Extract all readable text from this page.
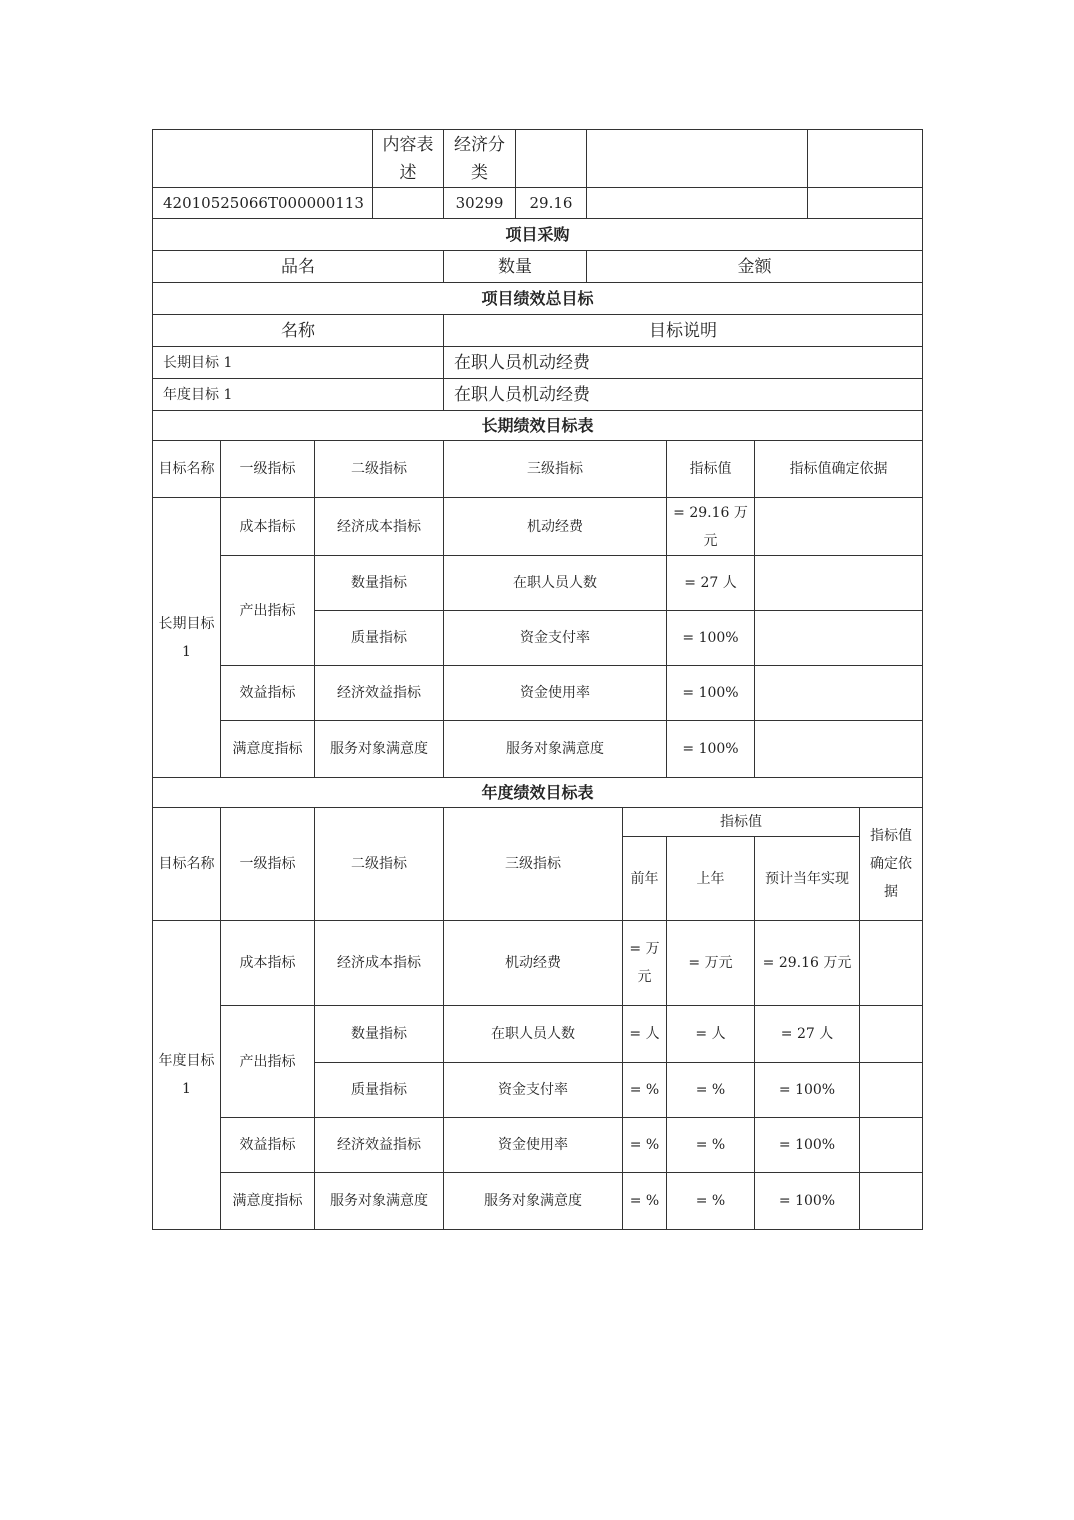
	内容表述	经济分类			
42010525066T000000113		30299	29.16		
项目采购
品名	数量	金额
项目绩效总目标
名称	目标说明
长期目标 1	在职人员机动经费
年度目标 1	在职人员机动经费
长期绩效目标表	
目标名称	一级指标	二级指标	三级指标	指标值	指标值确定依据
长期目标 1	成本指标	经济成本指标	机动经费	= 29.16 万元	
	产出指标	数量指标	在职人员人数	= 27 人	
		质量指标	资金支付率	= 100%	
	效益指标	经济效益指标	资金使用率	= 100%	
	满意度指标	服务对象满意度	服务对象满意度	= 100%	
年度绩效目标表					
目标名称	一级指标	二级指标	三级指标	指标值			指标值确定依据
				前年	上年	预计当年实现	
年度目标 1	成本指标	经济成本指标	机动经费	= 万元	= 万元	= 29.16 万元	
	产出指标	数量指标	在职人员人数	= 人	= 人	= 27 人	
		质量指标	资金支付率	= %	= %	= 100%	
	效益指标	经济效益指标	资金使用率	= %	= %	= 100%	
	满意度指标	服务对象满意度	服务对象满意度	= %	= %	= 100%	
